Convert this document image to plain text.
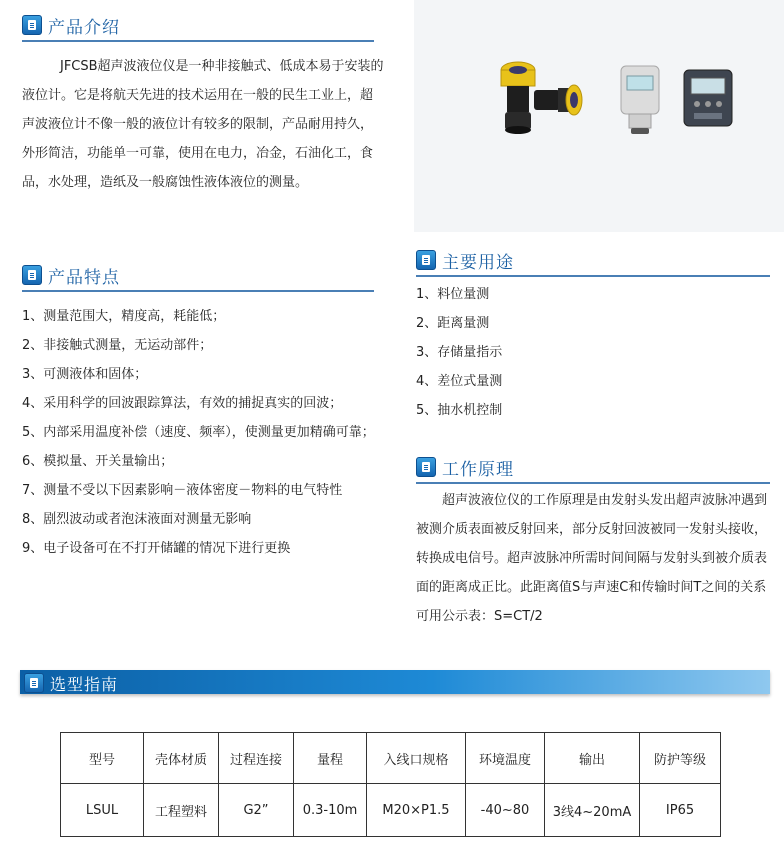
产品介绍

JFCSB超声波液位仪是一种非接触式、低成本易于安装的液位计。它是将航天先进的技术运用在一般的民生工业上，超声波液位计不像一般的液位计有较多的限制，产品耐用持久，外形简洁，功能单一可靠，使用在电力，冶金，石油化工，食品，水处理，造纸及一般腐蚀性液体液位的测量。

产品特点
1、测量范围大，精度高，耗能低；
2、非接触式测量，无运动部件；
3、可测液体和固体；
4、采用科学的回波跟踪算法，有效的捕捉真实的回波；
5、内部采用温度补偿（速度、频率），使测量更加精确可靠；
6、模拟量、开关量输出；
7、测量不受以下因素影响－液体密度－物料的电气特性
8、剧烈波动或者泡沫液面对测量无影响
9、电子设备可在不打开储罐的情况下进行更换
主要用途
1、料位量测
2、距离量测
3、存储量指示
4、差位式量测
5、抽水机控制
工作原理

超声波液位仪的工作原理是由发射头发出超声波脉冲遇到被测介质表面被反射回来，部分反射回波被同一发射头接收，转换成电信号。超声波脉冲所需时间间隔与发射头到被介质表面的距离成正比。此距离值S与声速C和传输时间T之间的关系可用公示表：S=CT/2

选型指南
型号	壳体材质	过程连接	量程	入线口规格	环境温度	输出	防护等级
LSUL	工程塑料	G2”	0.3-10m	M20×P1.5	-40~80	3线4~20mA	IP65
